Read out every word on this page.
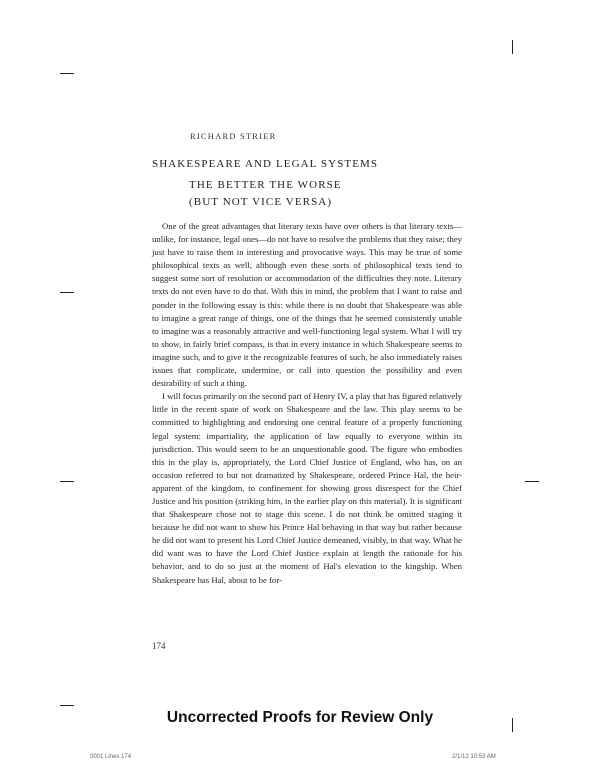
RICHARD STRIER
SHAKESPEARE AND LEGAL SYSTEMS
THE BETTER THE WORSE
(BUT NOT VICE VERSA)

One of the great advantages that literary texts have over others is that literary texts—unlike, for instance, legal ones—do not have to resolve the problems that they raise; they just have to raise them in interesting and provocative ways. This may be true of some philosophical texts as well, although even these sorts of philosophical texts tend to suggest some sort of resolution or accommodation of the difficulties they note. Literary texts do not even have to do that. With this in mind, the problem that I want to raise and ponder in the following essay is this: while there is no doubt that Shakespeare was able to imagine a great range of things, one of the things that he seemed consistently unable to imagine was a reasonably attractive and well-functioning legal system. What I will try to show, in fairly brief compass, is that in every instance in which Shakespeare seems to imagine such, and to give it the recognizable features of such, he also immediately raises issues that complicate, undermine, or call into question the possibility and even desirability of such a thing.

I will focus primarily on the second part of Henry IV, a play that has figured relatively little in the recent spate of work on Shakespeare and the law. This play seems to be committed to highlighting and endorsing one central feature of a properly functioning legal system: impartiality, the application of law equally to everyone within its jurisdiction. This would seem to be an unquestionable good. The figure who embodies this in the play is, appropriately, the Lord Chief Justice of England, who has, on an occasion referred to but not dramatized by Shakespeare, ordered Prince Hal, the heir-apparent of the kingdom, to confinement for showing gross disrespect for the Chief Justice and his position (striking him, in the earlier play on this material). It is significant that Shakespeare chose not to stage this scene. I do not think he omitted staging it because he did not want to show his Prince Hal behaving in that way but rather because he did not want to present his Lord Chief Justice demeaned, visibly, in that way. What he did want was to have the Lord Chief Justice explain at length the rationale for his behavior, and to do so just at the moment of Hal's elevation to the kingship. When Shakespeare has Hal, about to be for-

174
Uncorrected Proofs for Review Only
0001 Lines 174	2/1/12 10:53 AM
